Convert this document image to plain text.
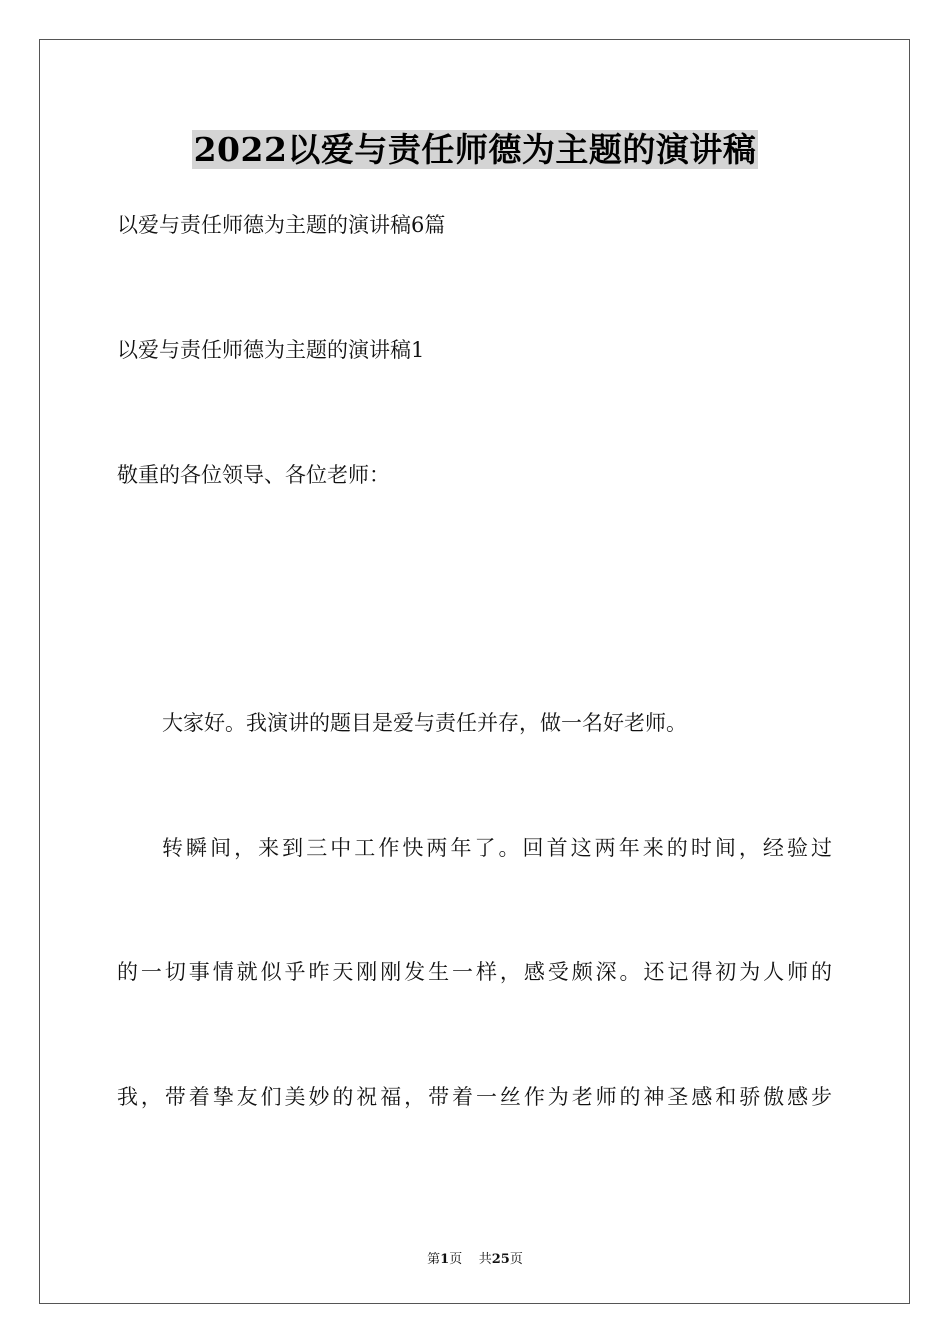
2022以爱与责任师德为主题的演讲稿
以爱与责任师德为主题的演讲稿6篇
以爱与责任师德为主题的演讲稿1
敬重的各位领导、各位老师：
大家好。我演讲的题目是爱与责任并存，做一名好老师。
转瞬间，来到三中工作快两年了。回首这两年来的时间，经验过
的一切事情就似乎昨天刚刚发生一样，感受颇深。还记得初为人师的
我，带着挚友们美妙的祝福，带着一丝作为老师的神圣感和骄傲感步
第1页 共25页
